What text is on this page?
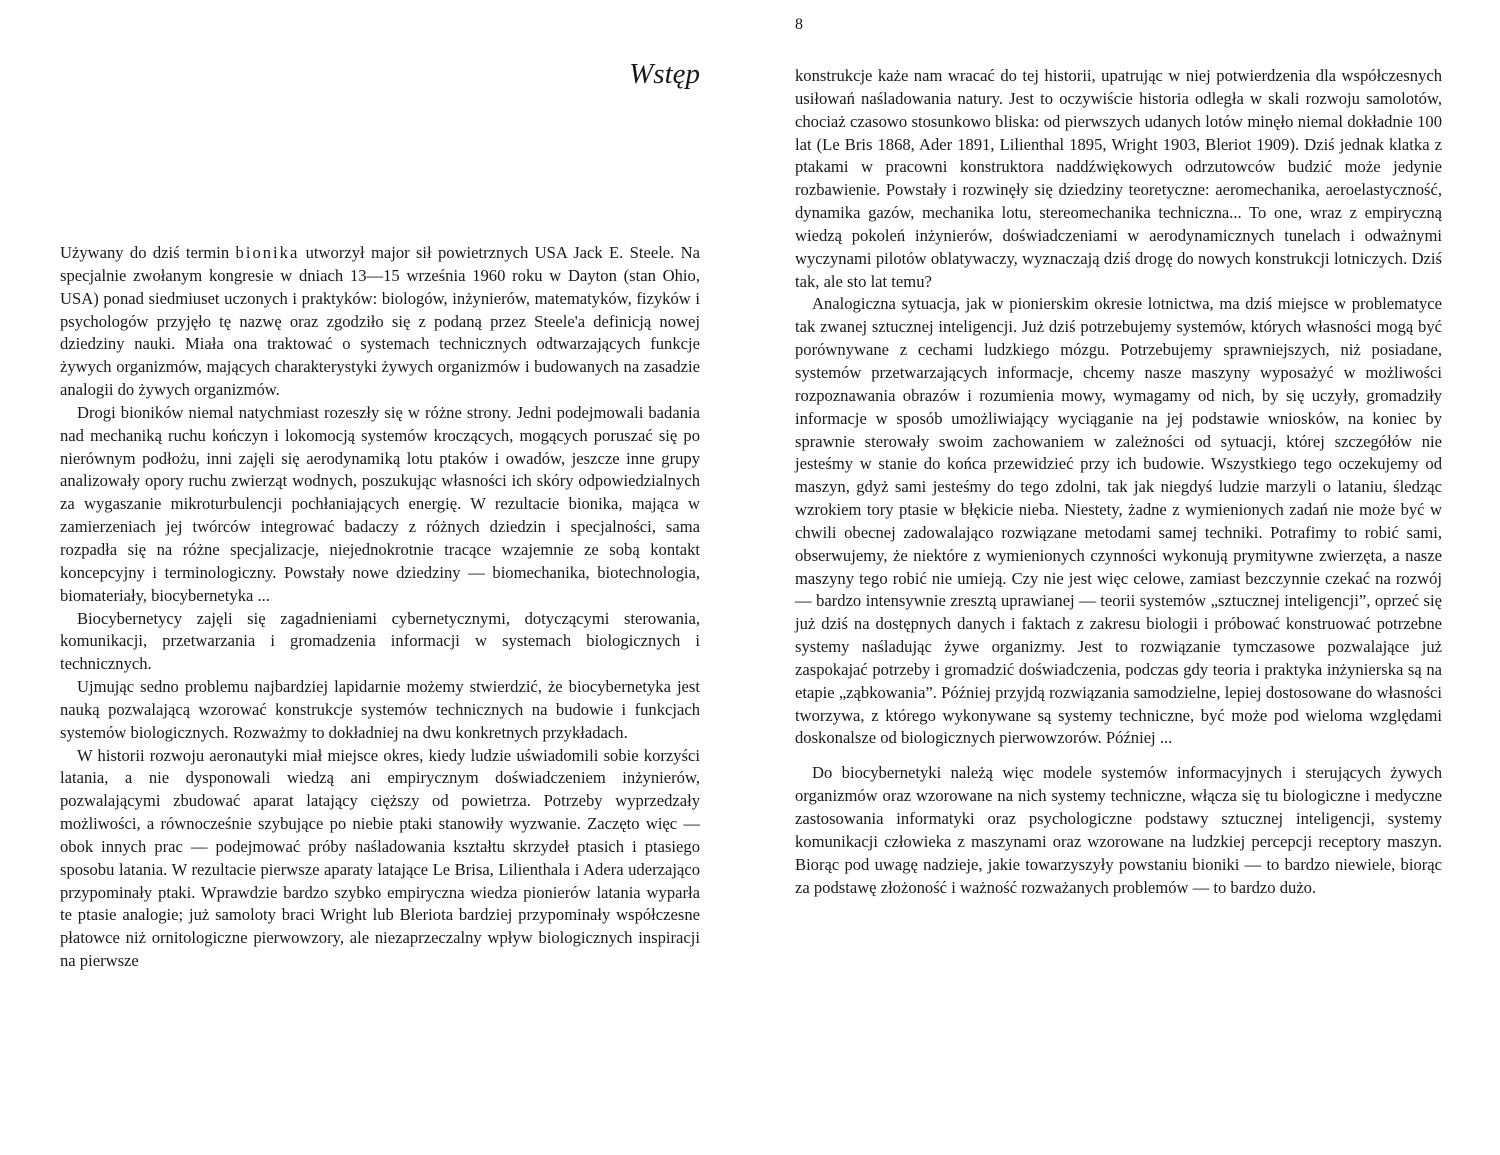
Wstęp

Używany do dziś termin bionika utworzył major sił powietrznych USA Jack E. Steele. Na specjalnie zwołanym kongresie w dniach 13—15 września 1960 roku w Dayton (stan Ohio, USA) ponad siedmiuset uczonych i praktyków: biologów, inżynierów, matematyków, fizyków i psychologów przyjęło tę nazwę oraz zgodziło się z podaną przez Steele'a definicją nowej dziedziny nauki. Miała ona traktować o systemach technicznych odtwarzających funkcje żywych organizmów, mających charakterystyki żywych organizmów i budowanych na zasadzie analogii do żywych organizmów.

Drogi bioników niemal natychmiast rozeszły się w różne strony. Jedni podejmowali badania nad mechaniką ruchu kończyn i lokomocją systemów kroczących, mogących poruszać się po nierównym podłożu, inni zajęli się aerodynamiką lotu ptaków i owadów, jeszcze inne grupy analizowały opory ruchu zwierząt wodnych, poszukując własności ich skóry odpowiedzialnych za wygaszanie mikroturbulencji pochłaniających energię. W rezultacie bionika, mająca w zamierzeniach jej twórców integrować badaczy z różnych dziedzin i specjalności, sama rozpadła się na różne specjalizacje, niejednokrotnie tracące wzajemnie ze sobą kontakt koncepcyjny i terminologiczny. Powstały nowe dziedziny — biomechanika, biotechnologia, biomateriały, biocybernetyka ...

Biocybernetycy zajęli się zagadnieniami cybernetycznymi, dotyczącymi sterowania, komunikacji, przetwarzania i gromadzenia informacji w systemach biologicznych i technicznych.

Ujmując sedno problemu najbardziej lapidarnie możemy stwierdzić, że biocybernetyka jest nauką pozwalającą wzorować konstrukcje systemów technicznych na budowie i funkcjach systemów biologicznych. Rozważmy to dokładniej na dwu konkretnych przykładach.

W historii rozwoju aeronautyki miał miejsce okres, kiedy ludzie uświadomili sobie korzyści latania, a nie dysponowali wiedzą ani empirycznym doświadczeniem inżynierów, pozwalającymi zbudować aparat latający cięższy od powietrza. Potrzeby wyprzedzały możliwości, a równocześnie szybujące po niebie ptaki stanowiły wyzwanie. Zaczęto więc — obok innych prac — podejmować próby naśladowania kształtu skrzydeł ptasich i ptasiego sposobu latania. W rezultacie pierwsze aparaty latające Le Brisa, Lilienthala i Adera uderzająco przypominały ptaki. Wprawdzie bardzo szybko empiryczna wiedza pionierów latania wyparła te ptasie analogie; już samoloty braci Wright lub Bleriota bardziej przypominały współczesne płatowce niż ornitologiczne pierwowzory, ale niezaprzeczalny wpływ biologicznych inspiracji na pierwsze

8

konstrukcje każe nam wracać do tej historii, upatrując w niej potwierdzenia dla współczesnych usiłowań naśladowania natury. Jest to oczywiście historia odległa w skali rozwoju samolotów, chociaż czasowo stosunkowo bliska: od pierwszych udanych lotów minęło niemal dokładnie 100 lat (Le Bris 1868, Ader 1891, Lilienthal 1895, Wright 1903, Bleriot 1909). Dziś jednak klatka z ptakami w pracowni konstruktora naddźwiękowych odrzutowców budzić może jedynie rozbawienie. Powstały i rozwinęły się dziedziny teoretyczne: aeromechanika, aeroelastyczność, dynamika gazów, mechanika lotu, stereomechanika techniczna... To one, wraz z empiryczną wiedzą pokoleń inżynierów, doświadczeniami w aerodynamicznych tunelach i odważnymi wyczynami pilotów oblatywaczy, wyznaczają dziś drogę do nowych konstrukcji lotniczych. Dziś tak, ale sto lat temu?

Analogiczna sytuacja, jak w pionierskim okresie lotnictwa, ma dziś miejsce w problematyce tak zwanej sztucznej inteligencji. Już dziś potrzebujemy systemów, których własności mogą być porównywane z cechami ludzkiego mózgu. Potrzebujemy sprawniejszych, niż posiadane, systemów przetwarzających informacje, chcemy nasze maszyny wyposażyć w możliwości rozpoznawania obrazów i rozumienia mowy, wymagamy od nich, by się uczyły, gromadziły informacje w sposób umożliwiający wyciąganie na jej podstawie wniosków, na koniec by sprawnie sterowały swoim zachowaniem w zależności od sytuacji, której szczegółów nie jesteśmy w stanie do końca przewidzieć przy ich budowie. Wszystkiego tego oczekujemy od maszyn, gdyż sami jesteśmy do tego zdolni, tak jak niegdyś ludzie marzyli o lataniu, śledząc wzrokiem tory ptasie w błękicie nieba. Niestety, żadne z wymienionych zadań nie może być w chwili obecnej zadowalająco rozwiązane metodami samej techniki. Potrafimy to robić sami, obserwujemy, że niektóre z wymienionych czynności wykonują prymitywne zwierzęta, a nasze maszyny tego robić nie umieją. Czy nie jest więc celowe, zamiast bezczynnie czekać na rozwój — bardzo intensywnie zresztą uprawianej — teorii systemów „sztucznej inteligencji”, oprzeć się już dziś na dostępnych danych i faktach z zakresu biologii i próbować konstruować potrzebne systemy naśladując żywe organizmy. Jest to rozwiązanie tymczasowe pozwalające już zaspokajać potrzeby i gromadzić doświadczenia, podczas gdy teoria i praktyka inżynierska są na etapie „ząbkowania”. Później przyjdą rozwiązania samodzielne, lepiej dostosowane do własności tworzywa, z którego wykonywane są systemy techniczne, być może pod wieloma względami doskonalsze od biologicznych pierwowzorów. Później ...

Do biocybernetyki należą więc modele systemów informacyjnych i sterujących żywych organizmów oraz wzorowane na nich systemy techniczne, włącza się tu biologiczne i medyczne zastosowania informatyki oraz psychologiczne podstawy sztucznej inteligencji, systemy komunikacji człowieka z maszynami oraz wzorowane na ludzkiej percepcji receptory maszyn. Biorąc pod uwagę nadzieje, jakie towarzyszyły powstaniu bioniki — to bardzo niewiele, biorąc za podstawę złożoność i ważność rozważanych problemów — to bardzo dużo.
